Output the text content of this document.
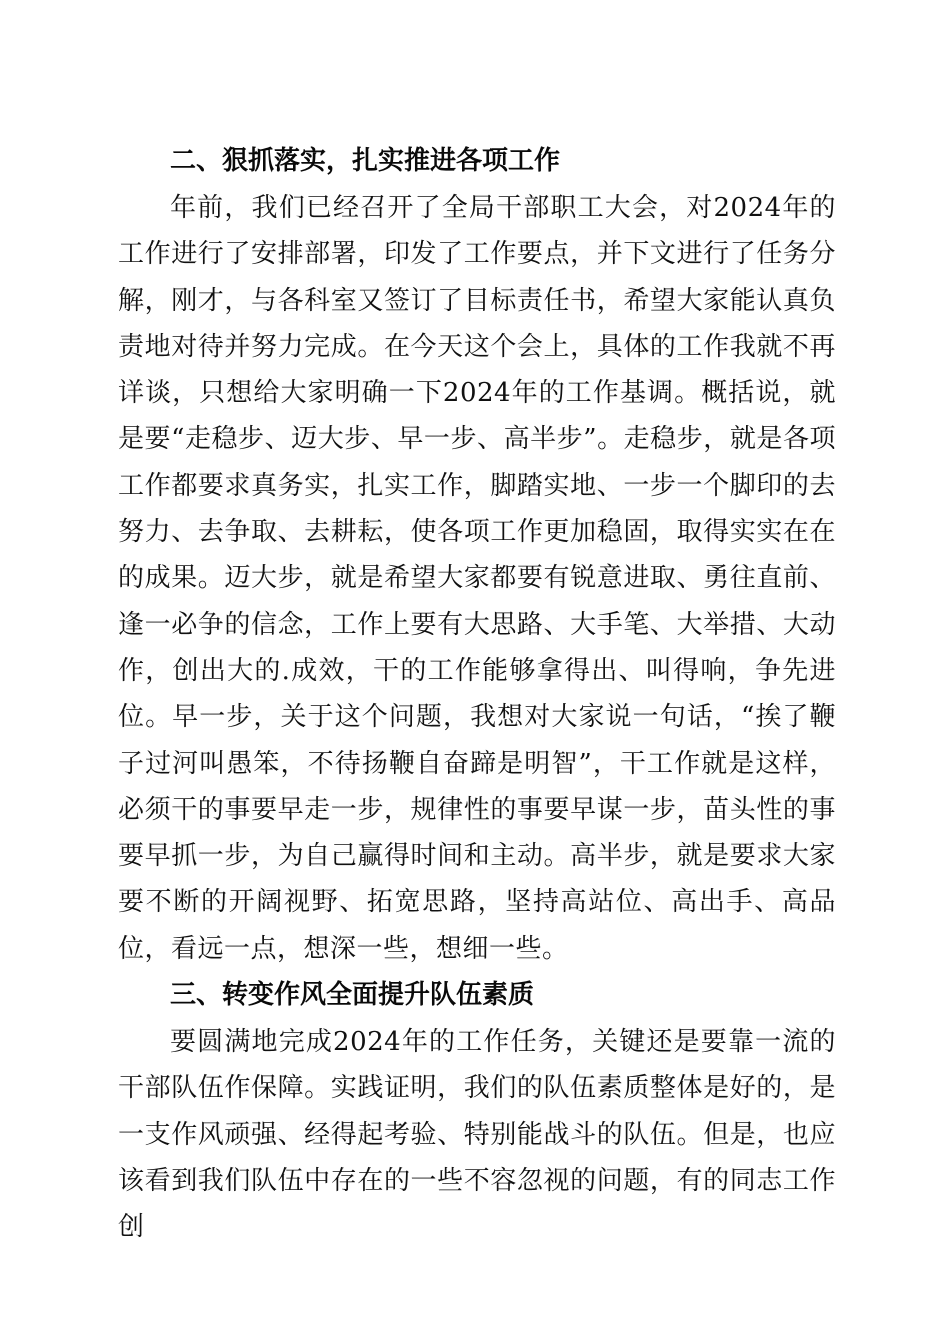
二、狠抓落实，扎实推进各项工作

年前，我们已经召开了全局干部职工大会，对2024年的工作进行了安排部署，印发了工作要点，并下文进行了任务分解，刚才，与各科室又签订了目标责任书，希望大家能认真负责地对待并努力完成。在今天这个会上，具体的工作我就不再详谈，只想给大家明确一下2024年的工作基调。概括说，就是要“走稳步、迈大步、早一步、高半步”。走稳步，就是各项工作都要求真务实，扎实工作，脚踏实地、一步一个脚印的去努力、去争取、去耕耘，使各项工作更加稳固，取得实实在在的成果。迈大步，就是希望大家都要有锐意进取、勇往直前、逢一必争的信念，工作上要有大思路、大手笔、大举措、大动作，创出大的.成效，干的工作能够拿得出、叫得响，争先进位。早一步，关于这个问题，我想对大家说一句话，“挨了鞭子过河叫愚笨，不待扬鞭自奋蹄是明智”，干工作就是这样，必须干的事要早走一步，规律性的事要早谋一步，苗头性的事要早抓一步，为自己赢得时间和主动。高半步，就是要求大家要不断的开阔视野、拓宽思路，坚持高站位、高出手、高品位，看远一点，想深一些，想细一些。

三、转变作风全面提升队伍素质

要圆满地完成2024年的工作任务，关键还是要靠一流的干部队伍作保障。实践证明，我们的队伍素质整体是好的，是一支作风顽强、经得起考验、特别能战斗的队伍。但是，也应该看到我们队伍中存在的一些不容忽视的问题，有的同志工作创
